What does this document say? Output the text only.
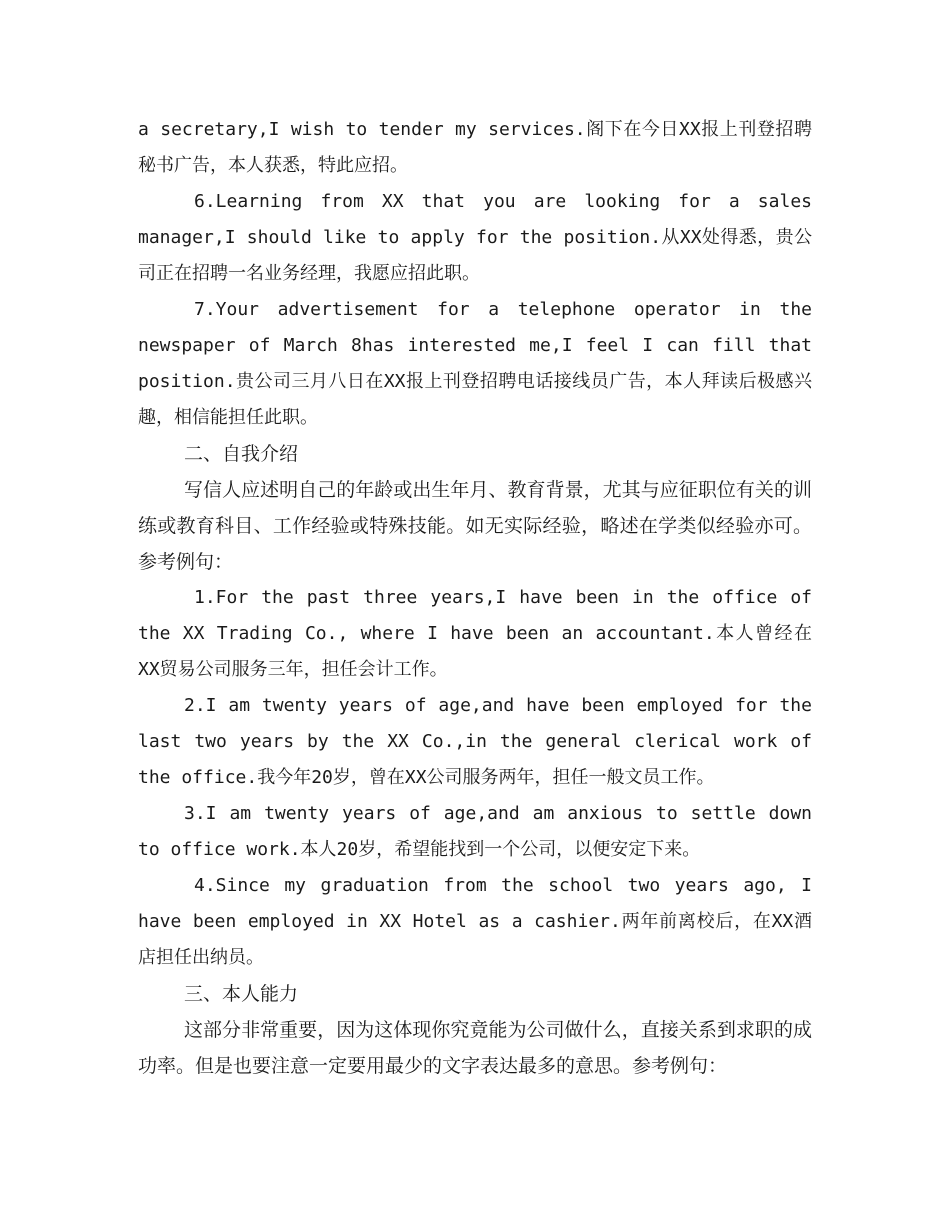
a secretary,I wish to tender my services.阁下在今日XX报上刊登招聘秘书广告，本人获悉，特此应招。

6.Learning from XX that you are looking for a sales manager,I should like to apply for the position.从XX处得悉，贵公司正在招聘一名业务经理，我愿应招此职。

7.Your advertisement for a telephone operator in the newspaper of March 8has interested me,I feel I can fill that position.贵公司三月八日在XX报上刊登招聘电话接线员广告，本人拜读后极感兴趣，相信能担任此职。

二、自我介绍

写信人应述明自己的年龄或出生年月、教育背景，尤其与应征职位有关的训练或教育科目、工作经验或特殊技能。如无实际经验，略述在学类似经验亦可。参考例句：

1.For the past three years,I have been in the office of the XX Trading Co., where I have been an accountant.本人曾经在XX贸易公司服务三年，担任会计工作。

2.I am twenty years of age,and have been employed for the last two years by the XX Co.,in the general clerical work of the office.我今年20岁，曾在XX公司服务两年，担任一般文员工作。

3.I am twenty years of age,and am anxious to settle down to office work.本人20岁，希望能找到一个公司，以便安定下来。

4.Since my graduation from the school two years ago, I have been employed in XX Hotel as a cashier.两年前离校后，在XX酒店担任出纳员。

三、本人能力

这部分非常重要，因为这体现你究竟能为公司做什么，直接关系到求职的成功率。但是也要注意一定要用最少的文字表达最多的意思。参考例句：
